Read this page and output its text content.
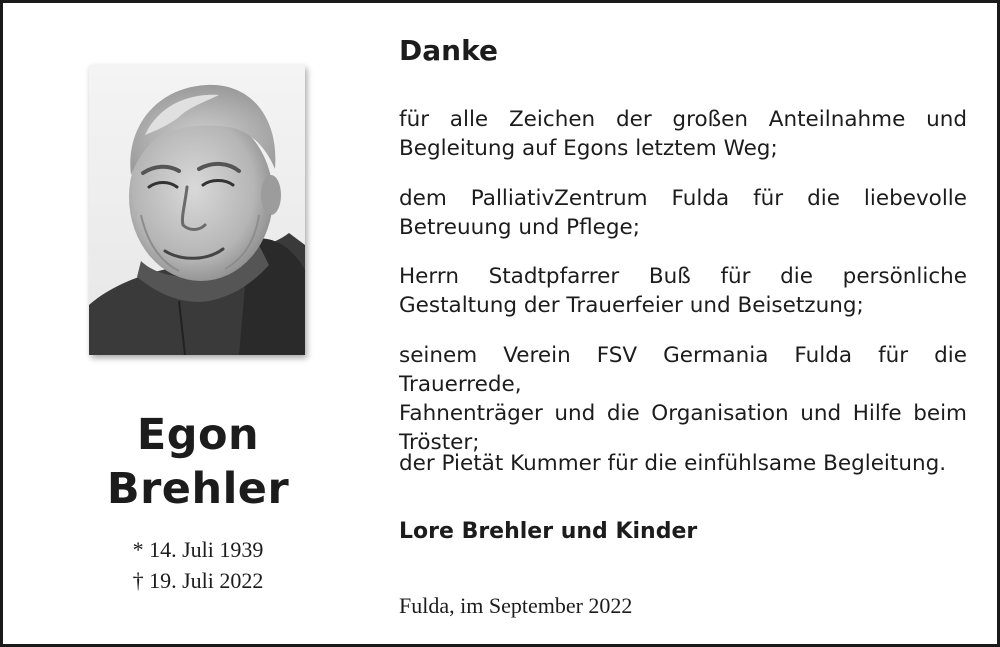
Egon
Brehler
* 14. Juli 1939
† 19. Juli 2022
Danke
für alle Zeichen der großen Anteilnahme und
Begleitung auf Egons letztem Weg;
dem PalliativZentrum Fulda für die liebevolle
Betreuung und Pflege;
Herrn Stadtpfarrer Buß für die persönliche
Gestaltung der Trauerfeier und Beisetzung;
seinem Verein FSV Germania Fulda für die Trauerrede,
Fahnenträger und die Organisation und Hilfe beim
Tröster;
der Pietät Kummer für die einfühlsame Begleitung.
Lore Brehler und Kinder
Fulda, im September 2022
